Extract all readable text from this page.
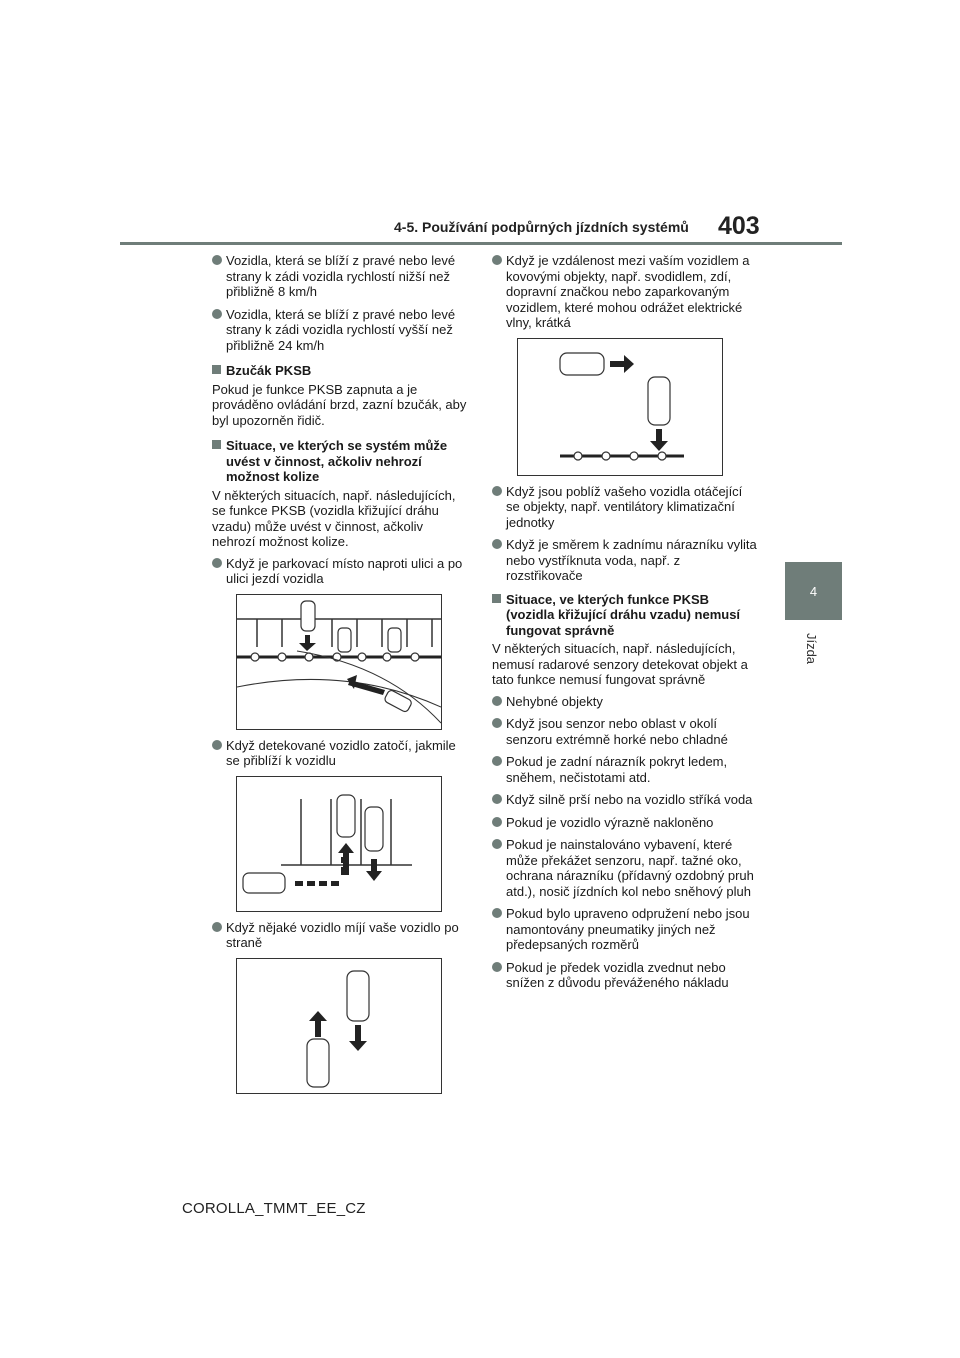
4-5. Používání podpůrných jízdních systémů 403
4
Jízda
Vozidla, která se blíží z pravé nebo levé strany k zádi vozidla rychlostí nižší než přibližně 8 km/h
Vozidla, která se blíží z pravé nebo levé strany k zádi vozidla rychlostí vyšší než přibližně 24 km/h
Bzučák PKSB
Pokud je funkce PKSB zapnuta a je prováděno ovládání brzd, zazní bzučák, aby byl upozorněn řidič.
Situace, ve kterých se systém může uvést v činnost, ačkoliv nehrozí možnost kolize
V některých situacích, např. následujících, se funkce PKSB (vozidla křižující dráhu vzadu) může uvést v činnost, ačkoliv nehrozí možnost kolize.
Když je parkovací místo naproti ulici a po ulici jezdí vozidla
Když detekované vozidlo zatočí, jakmile se přiblíží k vozidlu
Když nějaké vozidlo míjí vaše vozidlo po straně
Když je vzdálenost mezi vaším vozidlem a kovovými objekty, např. svodidlem, zdí, dopravní značkou nebo zaparkovaným vozidlem, které mohou odrážet elektrické vlny, krátká
Když jsou poblíž vašeho vozidla otáčející se objekty, např. ventilátory klimatizační jednotky
Když je směrem k zadnímu nárazníku vylita nebo vystříknuta voda, např. z rozstřikovače
Situace, ve kterých funkce PKSB (vozidla křižující dráhu vzadu) nemusí fungovat správně
V některých situacích, např. následujících, nemusí radarové senzory detekovat objekt a tato funkce nemusí fungovat správně
Nehybné objekty
Když jsou senzor nebo oblast v okolí senzoru extrémně horké nebo chladné
Pokud je zadní nárazník pokryt ledem, sněhem, nečistotami atd.
Když silně prší nebo na vozidlo stříká voda
Pokud je vozidlo výrazně nakloněno
Pokud je nainstalováno vybavení, které může překážet senzoru, např. tažné oko, ochrana nárazníku (přídavný ozdobný pruh atd.), nosič jízdních kol nebo sněhový pluh
Pokud bylo upraveno odpružení nebo jsou namontovány pneumatiky jiných než předepsaných rozměrů
Pokud je předek vozidla zvednut nebo snížen z důvodu převáženého nákladu
COROLLA_TMMT_EE_CZ
